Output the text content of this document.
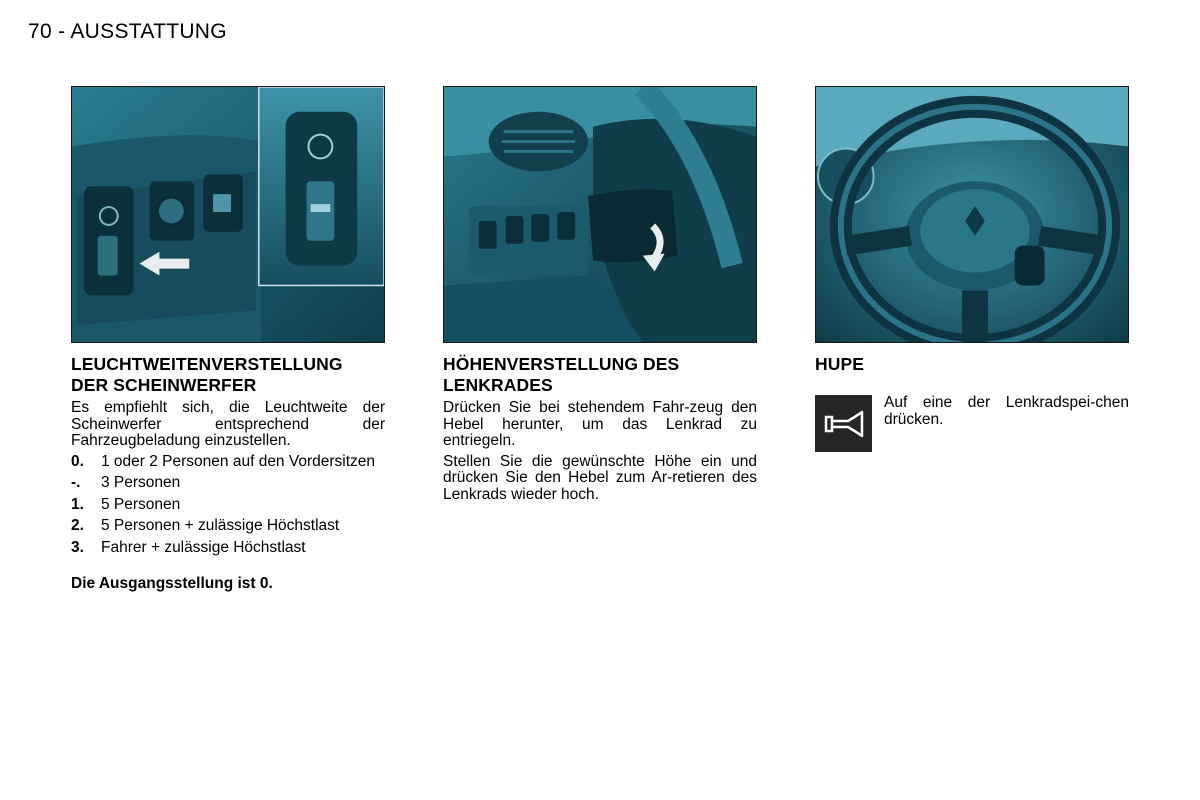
70 - AUSSTATTUNG
LEUCHTWEITENVERSTELLUNG
DER SCHEINWERFER
Es empfiehlt sich, die Leuchtweite der Scheinwerfer entsprechend der Fahrzeugbeladung einzustellen.
0.	1 oder 2 Personen auf den Vordersitzen
-.	3 Personen
1.	5 Personen
2.	5 Personen + zulässige Höchstlast
3.	Fahrer + zulässige Höchstlast
Die Ausgangsstellung ist 0.
HÖHENVERSTELLUNG DES
LENKRADES
Drücken Sie bei stehendem Fahr-zeug den Hebel herunter, um das Lenkrad zu entriegeln.
Stellen Sie die gewünschte Höhe ein und drücken Sie den Hebel zum Ar-retieren des Lenkrads wieder hoch.
HUPE
Auf eine der Lenkradspei-chen drücken.
